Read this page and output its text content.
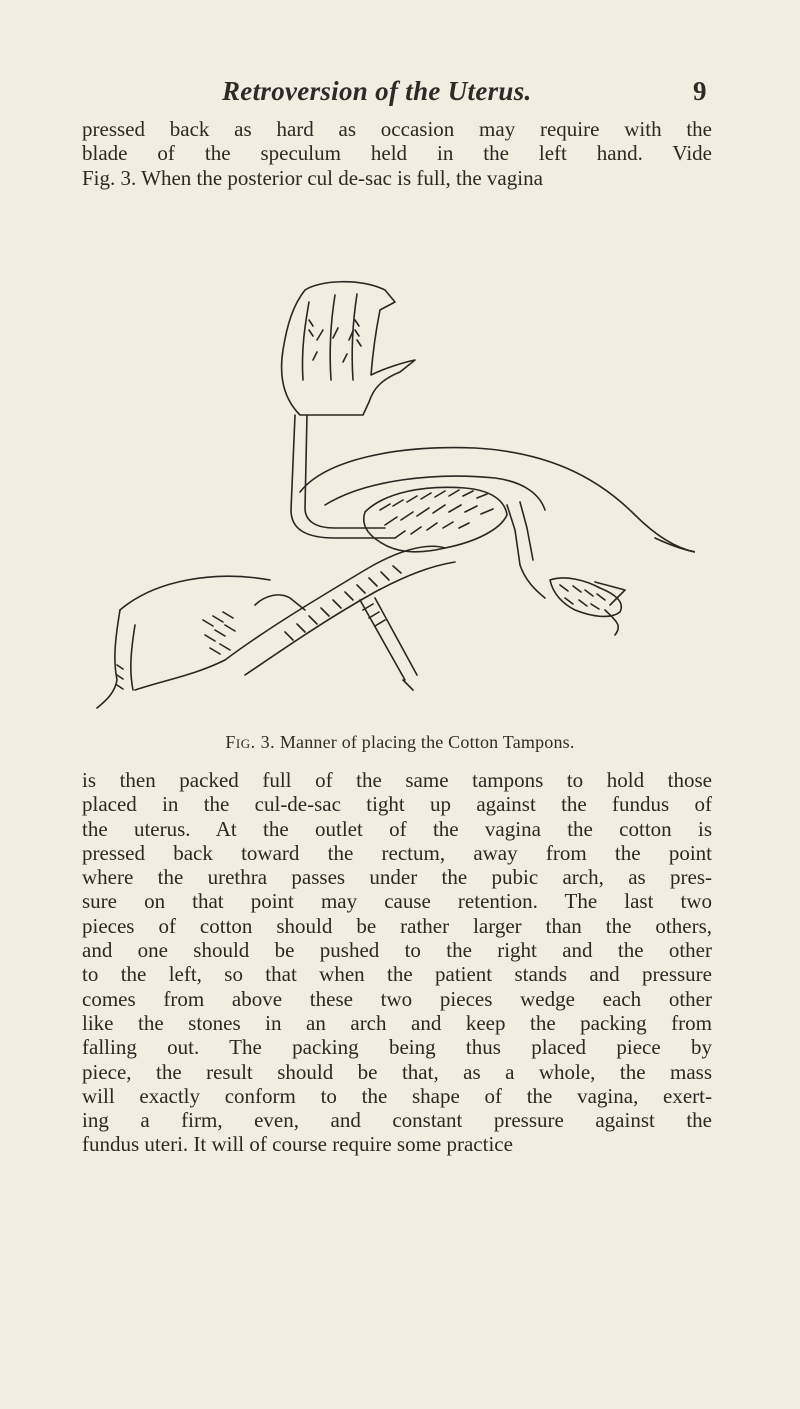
Retroversion of the Uterus.	9

pressed back as hard as occasion may require with the
blade of the speculum held in the left hand. Vide
Fig. 3. When the posterior cul de-sac is full, the vagina

Fig. 3. Manner of placing the Cotton Tampons.

is then packed full of the same tampons to hold those
placed in the cul-de-sac tight up against the fundus of
the uterus. At the outlet of the vagina the cotton is
pressed back toward the rectum, away from the point
where the urethra passes under the pubic arch, as pres-
sure on that point may cause retention. The last two
pieces of cotton should be rather larger than the others,
and one should be pushed to the right and the other
to the left, so that when the patient stands and pressure
comes from above these two pieces wedge each other
like the stones in an arch and keep the packing from
falling out. The packing being thus placed piece by
piece, the result should be that, as a whole, the mass
will exactly conform to the shape of the vagina, exert-
ing a firm, even, and constant pressure against the
fundus uteri. It will of course require some practice
